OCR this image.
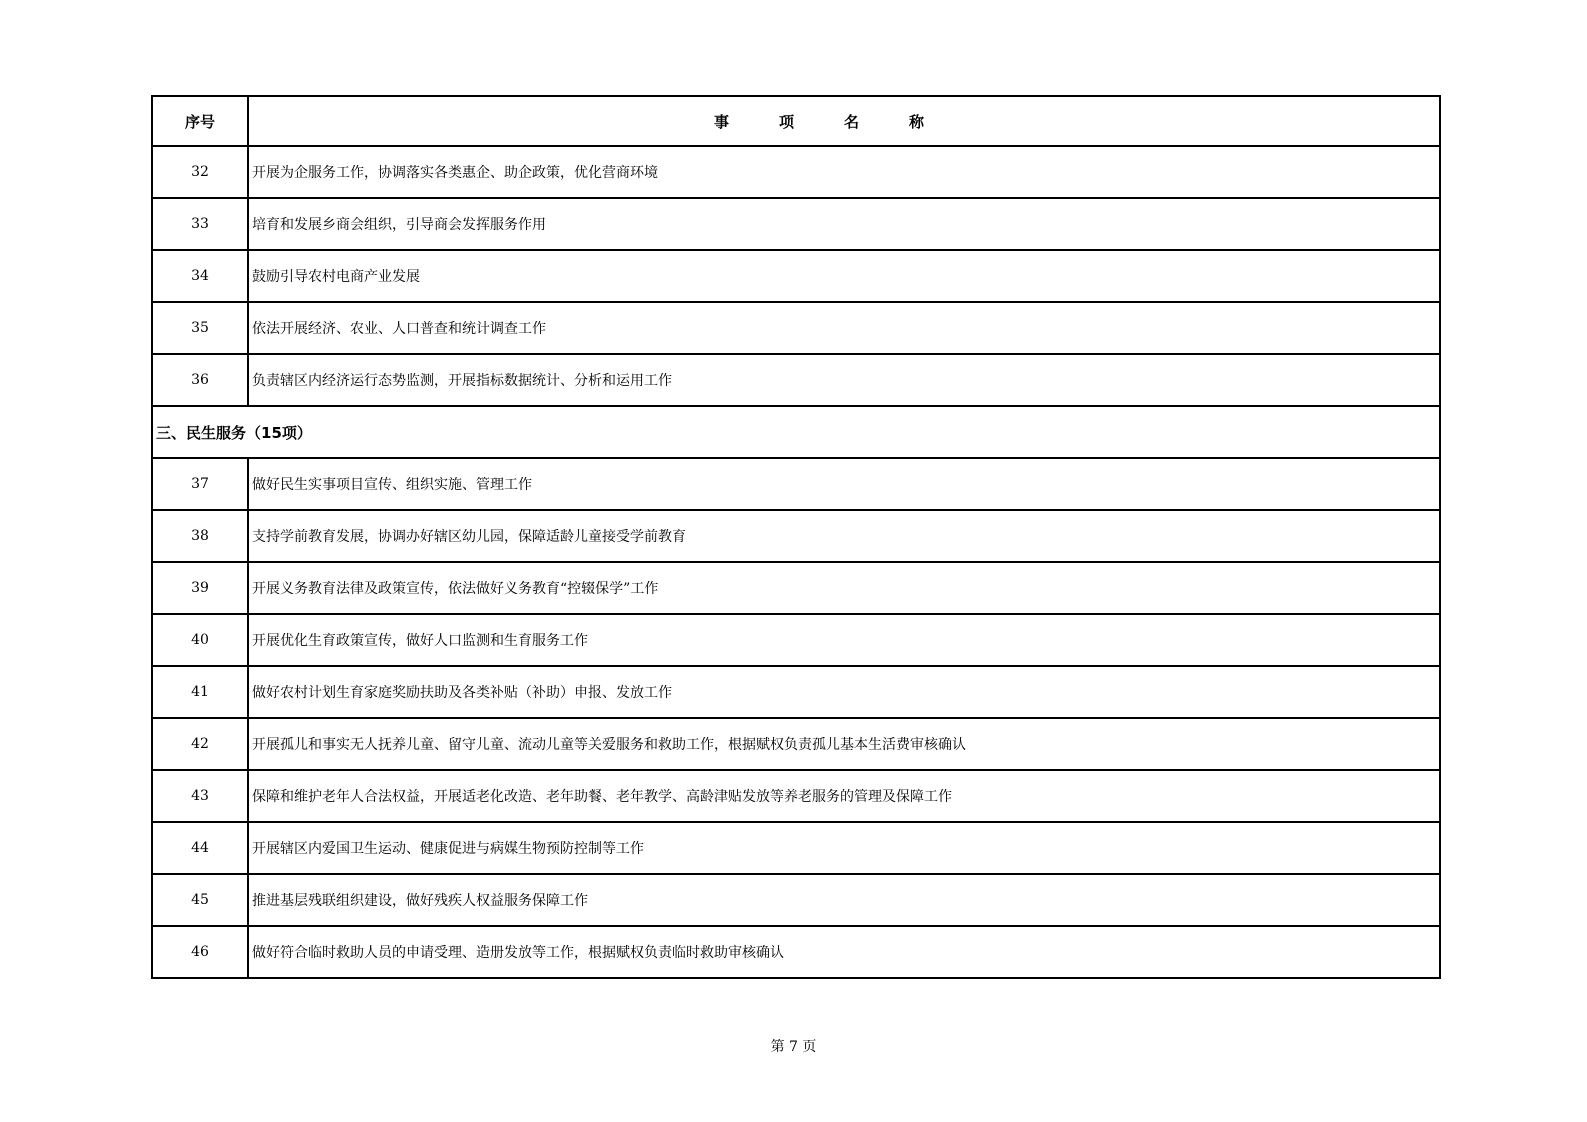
序号	事项名称
32	开展为企服务工作，协调落实各类惠企、助企政策，优化营商环境
33	培育和发展乡商会组织，引导商会发挥服务作用
34	鼓励引导农村电商产业发展
35	依法开展经济、农业、人口普查和统计调查工作
36	负责辖区内经济运行态势监测，开展指标数据统计、分析和运用工作
三、民生服务（15项）	
37	做好民生实事项目宣传、组织实施、管理工作
38	支持学前教育发展，协调办好辖区幼儿园，保障适龄儿童接受学前教育
39	开展义务教育法律及政策宣传，依法做好义务教育“控辍保学”工作
40	开展优化生育政策宣传，做好人口监测和生育服务工作
41	做好农村计划生育家庭奖励扶助及各类补贴（补助）申报、发放工作
42	开展孤儿和事实无人抚养儿童、留守儿童、流动儿童等关爱服务和救助工作，根据赋权负责孤儿基本生活费审核确认
43	保障和维护老年人合法权益，开展适老化改造、老年助餐、老年教学、高龄津贴发放等养老服务的管理及保障工作
44	开展辖区内爱国卫生运动、健康促进与病媒生物预防控制等工作
45	推进基层残联组织建设，做好残疾人权益服务保障工作
46	做好符合临时救助人员的申请受理、造册发放等工作，根据赋权负责临时救助审核确认
第 7 页
